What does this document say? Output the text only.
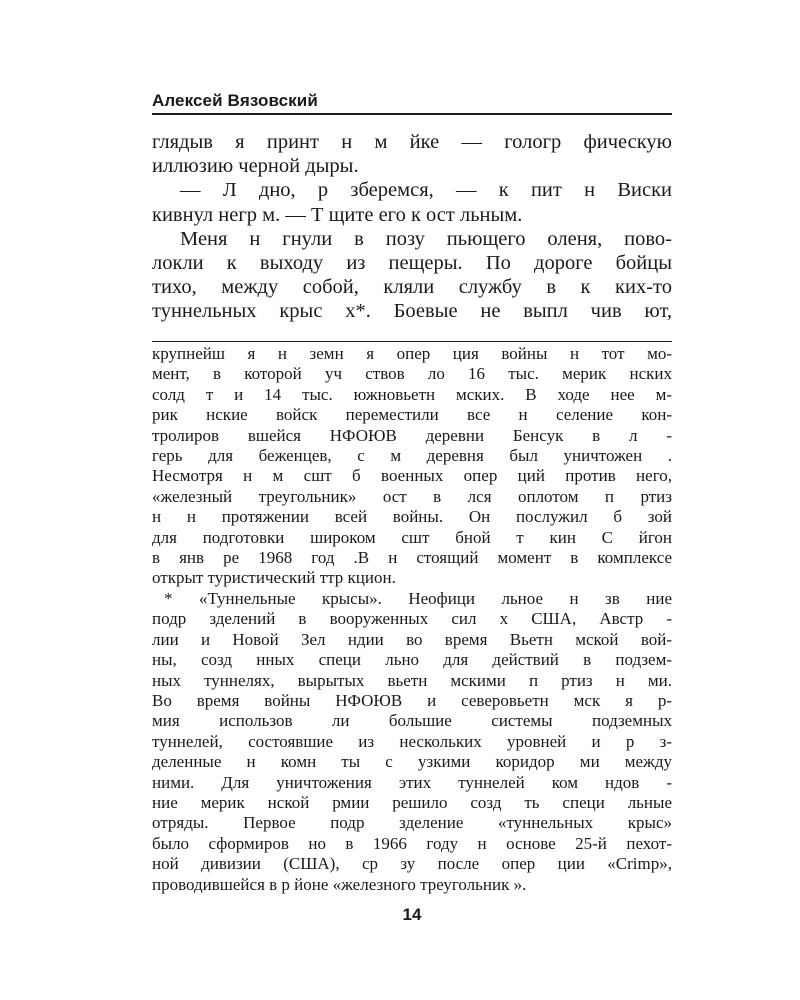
Алексей Вязовский
глядыв я принт н м йке — гологр фическую
иллюзию черной дыры.
— Л дно, р зберемся, — к пит н Виски
кивнул негр м. — Т щите его к ост льным.
Меня н гнули в позу пьющего оленя, пово-
локли к выходу из пещеры. По дороге бойцы
тихо, между собой, кляли службу в к ких-то
туннельных крыс х*. Боевые не выпл чив ют,
крупнейш я н земн я опер ция войны н тот мо-
мент, в которой уч ствов ло 16 тыс. мерик нских
солд т и 14 тыс. южновьетн мских. В ходе нее м-
рик нские войск переместили все н селение кон-
тролиров вшейся НФОЮВ деревни Бенсук в л -
герь для беженцев, с м деревня был уничтожен .
Несмотря н м сшт б военных опер ций против него,
«железный треугольник» ост в лся оплотом п ртиз
н н протяжении всей войны. Он послужил б зой
для подготовки широком сшт бной т кин С йгон
в янв ре 1968 год .В н стоящий момент в комплексе
открыт туристический ттр кцион.
* «Туннельные крысы». Неофици льное н зв ние
подр зделений в вооруженных сил х США, Австр -
лии и Новой Зел ндии во время Вьетн мской вой-
ны, созд нных специ льно для действий в подзем-
ных туннелях, вырытых вьетн мскими п ртиз н ми.
Во время войны НФОЮВ и северовьетн мск я р-
мия использов ли большие системы подземных
туннелей, состоявшие из нескольких уровней и р з-
деленные н комн ты с узкими коридор ми между
ними. Для уничтожения этих туннелей ком ндов -
ние мерик нской рмии решило созд ть специ льные
отряды. Первое подр зделение «туннельных крыс»
было сформиров но в 1966 году н основе 25-й пехот-
ной дивизии (США), ср зу после опер ции «Crimp»,
проводившейся в р йоне «железного треугольник ».
14
